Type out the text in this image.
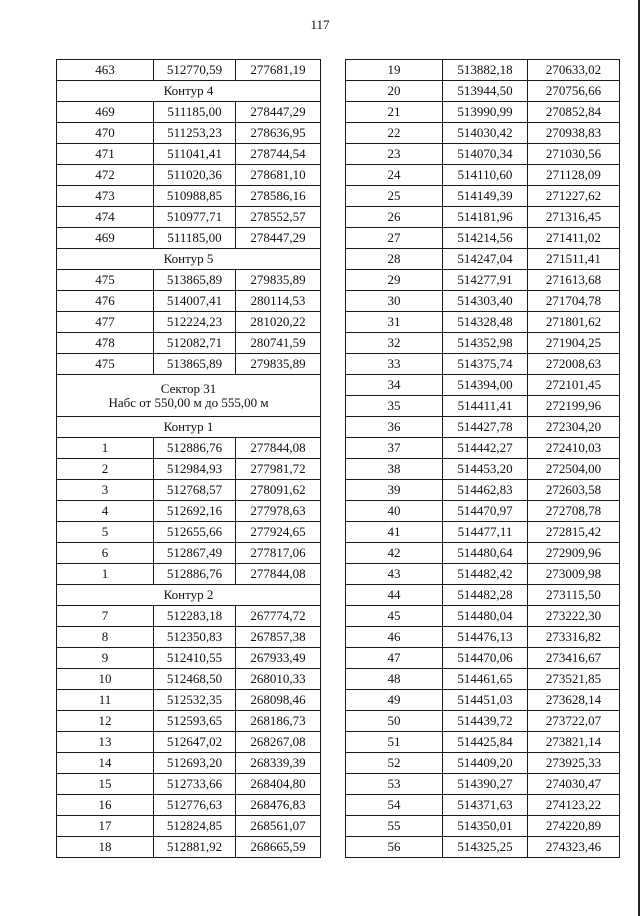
117
463	512770,59	277681,19
Контур 4		
469	511185,00	278447,29
470	511253,23	278636,95
471	511041,41	278744,54
472	511020,36	278681,10
473	510988,85	278586,16
474	510977,71	278552,57
469	511185,00	278447,29
Контур 5		
475	513865,89	279835,89
476	514007,41	280114,53
477	512224,23	281020,22
478	512082,71	280741,59
475	513865,89	279835,89
Сектор 31
Набс от 550,00 м до 555,00 м		
Контур 1		
1	512886,76	277844,08
2	512984,93	277981,72
3	512768,57	278091,62
4	512692,16	277978,63
5	512655,66	277924,65
6	512867,49	277817,06
1	512886,76	277844,08
Контур 2		
7	512283,18	267774,72
8	512350,83	267857,38
9	512410,55	267933,49
10	512468,50	268010,33
11	512532,35	268098,46
12	512593,65	268186,73
13	512647,02	268267,08
14	512693,20	268339,39
15	512733,66	268404,80
16	512776,63	268476,83
17	512824,85	268561,07
18	512881,92	268665,59
19	513882,18	270633,02
20	513944,50	270756,66
21	513990,99	270852,84
22	514030,42	270938,83
23	514070,34	271030,56
24	514110,60	271128,09
25	514149,39	271227,62
26	514181,96	271316,45
27	514214,56	271411,02
28	514247,04	271511,41
29	514277,91	271613,68
30	514303,40	271704,78
31	514328,48	271801,62
32	514352,98	271904,25
33	514375,74	272008,63
34	514394,00	272101,45
35	514411,41	272199,96
36	514427,78	272304,20
37	514442,27	272410,03
38	514453,20	272504,00
39	514462,83	272603,58
40	514470,97	272708,78
41	514477,11	272815,42
42	514480,64	272909,96
43	514482,42	273009,98
44	514482,28	273115,50
45	514480,04	273222,30
46	514476,13	273316,82
47	514470,06	273416,67
48	514461,65	273521,85
49	514451,03	273628,14
50	514439,72	273722,07
51	514425,84	273821,14
52	514409,20	273925,33
53	514390,27	274030,47
54	514371,63	274123,22
55	514350,01	274220,89
56	514325,25	274323,46
